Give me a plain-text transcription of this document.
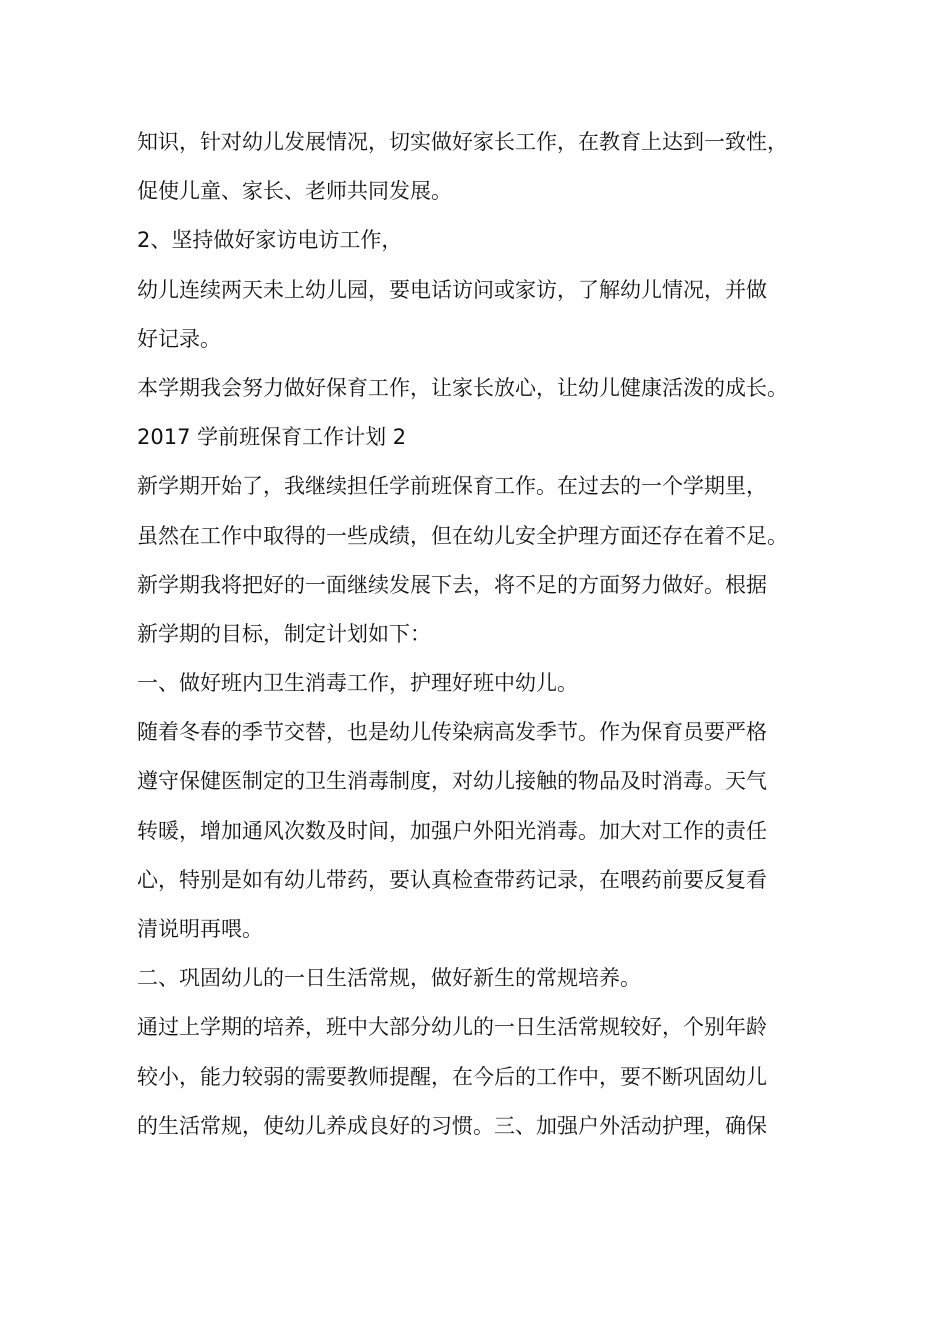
知识，针对幼儿发展情况，切实做好家长工作，在教育上达到一致性，
促使儿童、家长、老师共同发展。
2、坚持做好家访电访工作，
幼儿连续两天未上幼儿园，要电话访问或家访，了解幼儿情况，并做
好记录。
本学期我会努力做好保育工作，让家长放心，让幼儿健康活泼的成长。
2017 学前班保育工作计划 2
新学期开始了，我继续担任学前班保育工作。在过去的一个学期里，
虽然在工作中取得的一些成绩，但在幼儿安全护理方面还存在着不足。
新学期我将把好的一面继续发展下去，将不足的方面努力做好。根据
新学期的目标，制定计划如下：
一、做好班内卫生消毒工作，护理好班中幼儿。
随着冬春的季节交替，也是幼儿传染病高发季节。作为保育员要严格
遵守保健医制定的卫生消毒制度，对幼儿接触的物品及时消毒。天气
转暖，增加通风次数及时间，加强户外阳光消毒。加大对工作的责任
心，特别是如有幼儿带药，要认真检查带药记录，在喂药前要反复看
清说明再喂。
二、巩固幼儿的一日生活常规，做好新生的常规培养。
通过上学期的培养，班中大部分幼儿的一日生活常规较好，个别年龄
较小，能力较弱的需要教师提醒，在今后的工作中，要不断巩固幼儿
的生活常规，使幼儿养成良好的习惯。三、加强户外活动护理，确保
